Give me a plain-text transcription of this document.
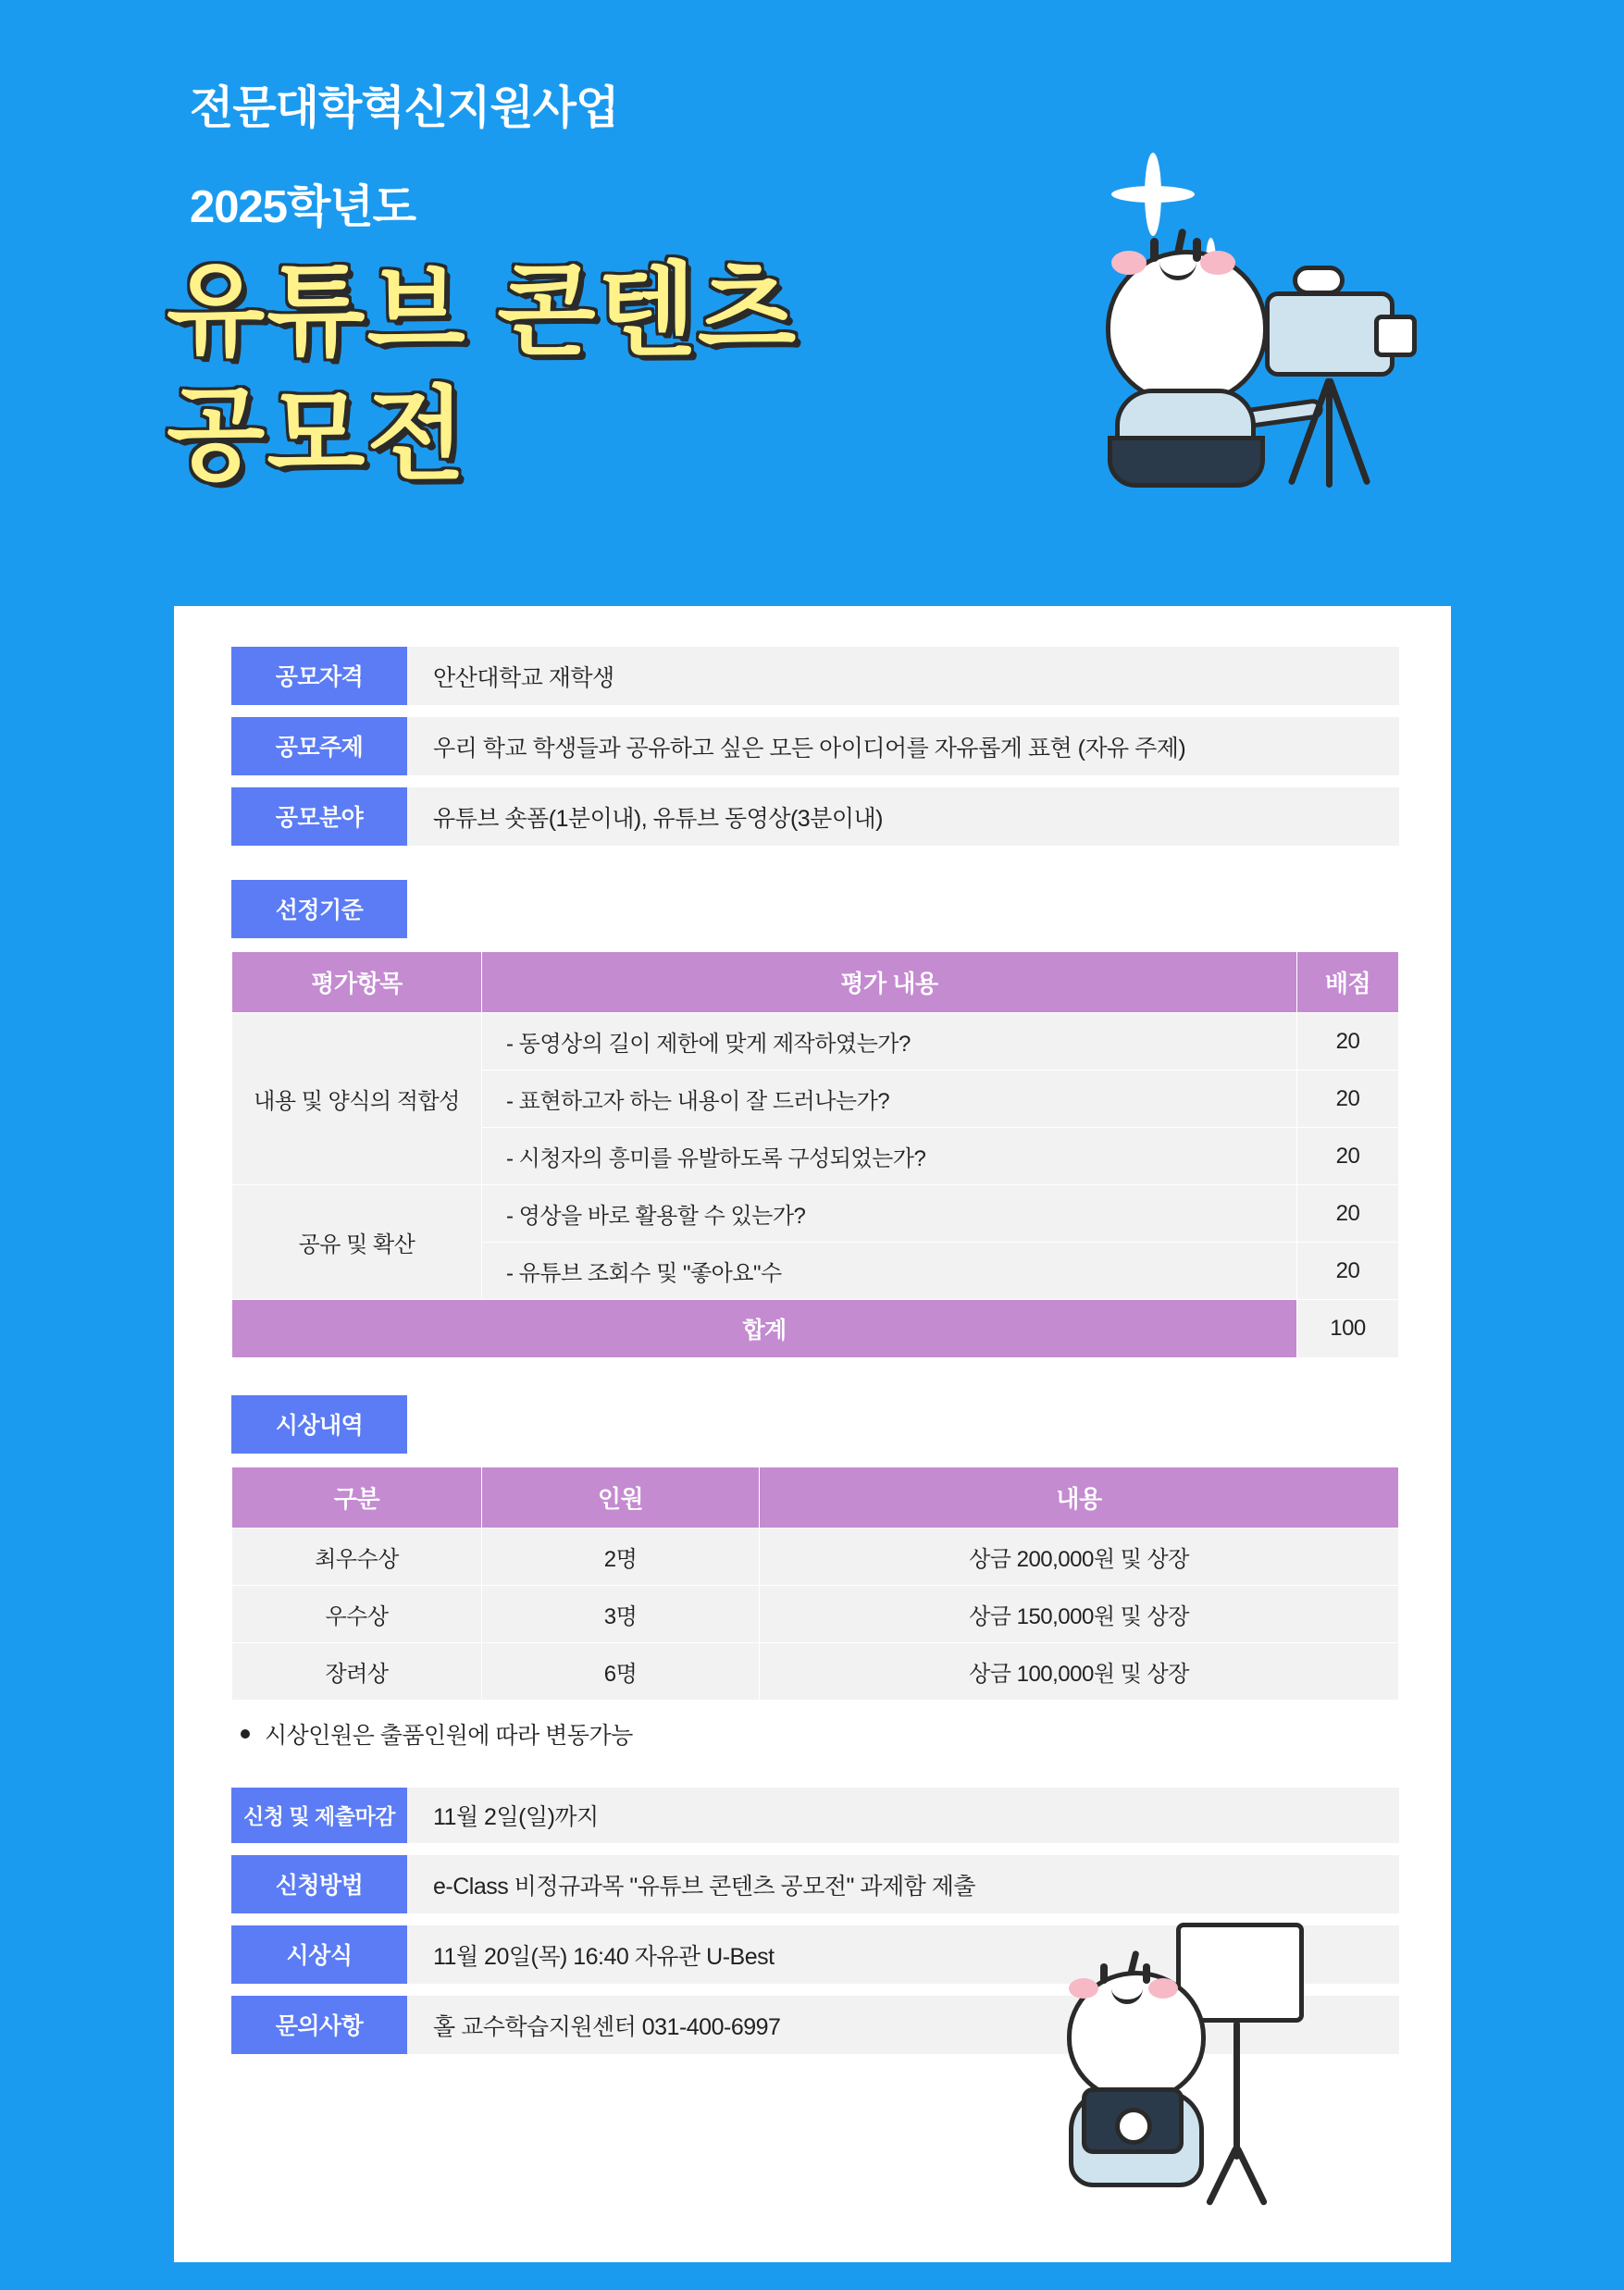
전문대학혁신지원사업
2025학년도
유튜브 콘텐츠
공모전
공모자격	안산대학교 재학생
공모주제	우리 학교 학생들과 공유하고 싶은 모든 아이디어를 자유롭게 표현 (자유 주제)
공모분야	유튜브 숏폼(1분이내), 유튜브 동영상(3분이내)
선정기준
평가항목	평가 내용	배점
내용 및 양식의 적합성	- 동영상의 길이 제한에 맞게 제작하였는가?	20
	- 표현하고자 하는 내용이 잘 드러나는가?	20
	- 시청자의 흥미를 유발하도록 구성되었는가?	20
공유 및 확산	- 영상을 바로 활용할 수 있는가?	20
	- 유튜브 조회수 및 "좋아요"수	20
합계		100
시상내역
구분	인원	내용
최우수상	2명	상금 200,000원 및 상장
우수상	3명	상금 150,000원 및 상장
장려상	6명	상금 100,000원 및 상장
시상인원은 출품인원에 따라 변동가능
신청 및 제출마감	11월 2일(일)까지
신청방법	e-Class 비정규과목 "유튜브 콘텐츠 공모전" 과제함 제출
시상식	11월 20일(목) 16:40 자유관 U-Best
문의사항	홀 교수학습지원센터 031-400-6997
